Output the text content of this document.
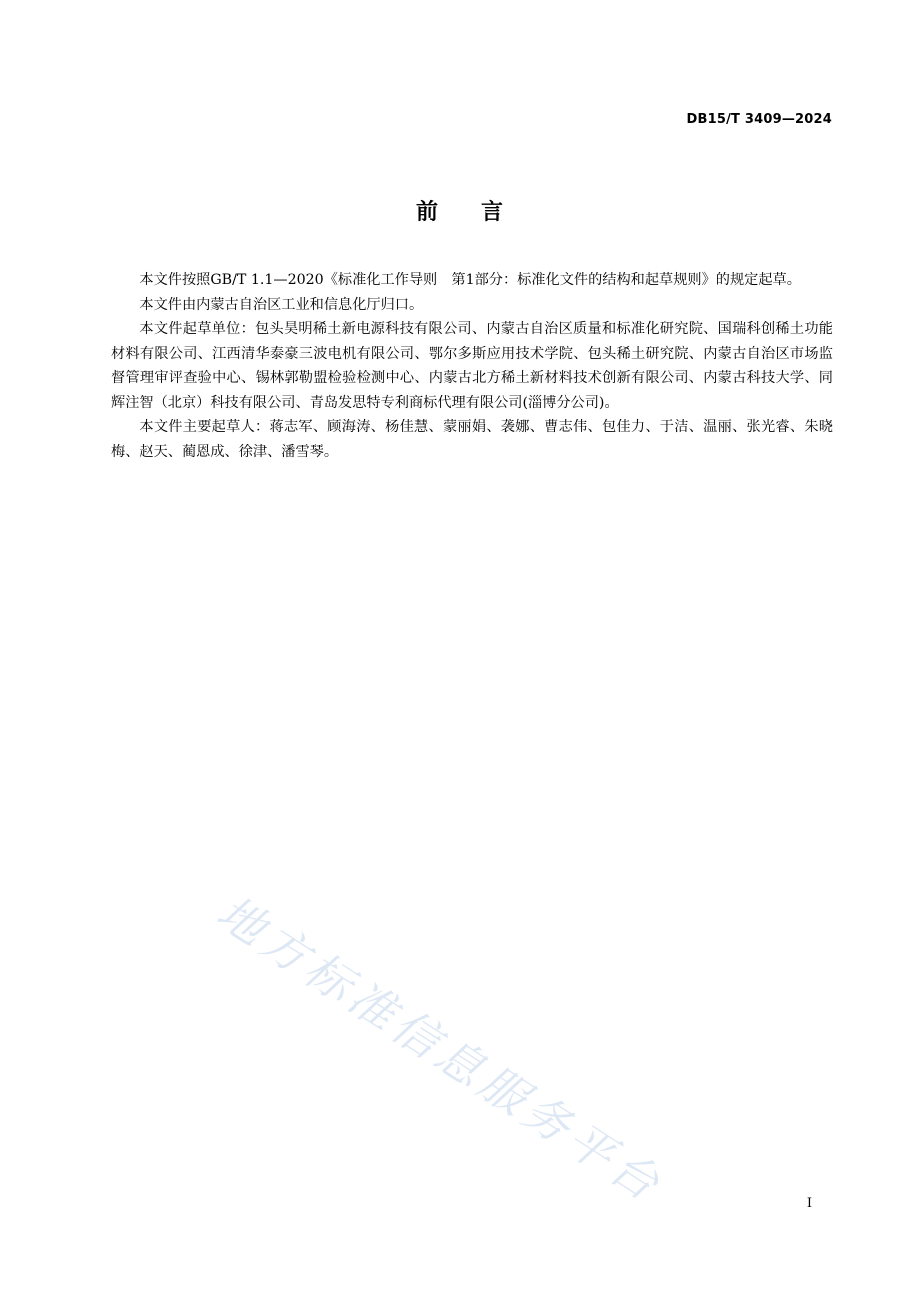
DB15/T 3409—2024
前 言

本文件按照GB/T 1.1—2020《标准化工作导则　第1部分：标准化文件的结构和起草规则》的规定起草。

本文件由内蒙古自治区工业和信息化厅归口。

本文件起草单位：包头昊明稀土新电源科技有限公司、内蒙古自治区质量和标准化研究院、国瑞科创稀土功能材料有限公司、江西清华泰豪三波电机有限公司、鄂尔多斯应用技术学院、包头稀土研究院、内蒙古自治区市场监督管理审评查验中心、锡林郭勒盟检验检测中心、内蒙古北方稀土新材料技术创新有限公司、内蒙古科技大学、同辉注智（北京）科技有限公司、青岛发思特专利商标代理有限公司(淄博分公司)。

本文件主要起草人：蒋志军、顾海涛、杨佳慧、蒙丽娟、袭娜、曹志伟、包佳力、于洁、温丽、张光睿、朱晓梅、赵天、蔺恩成、徐津、潘雪琴。

地方标准信息服务平台	I
